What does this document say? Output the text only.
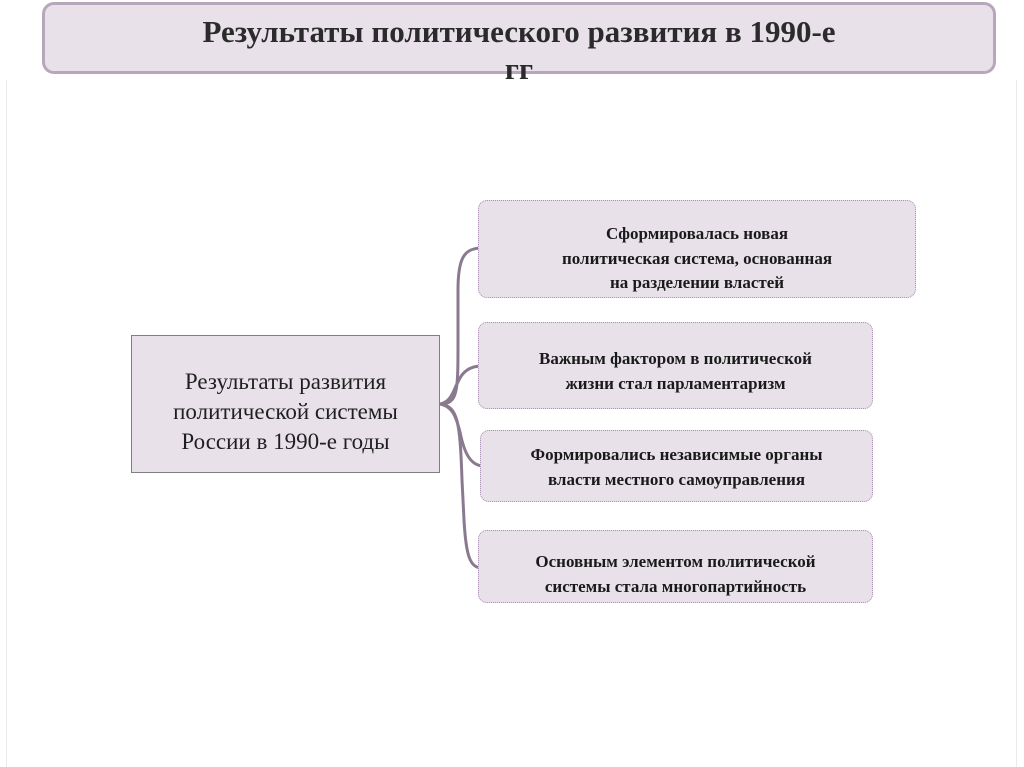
Результаты политического развития в 1990-е гг
Результаты развития политической системы России в 1990-е годы
Сформировалась новая политическая система, основанная на разделении властей
Важным фактором в политической жизни стал парламентаризм
Формировались независимые органы власти местного самоуправления
Основным элементом политической системы стала многопартийность
